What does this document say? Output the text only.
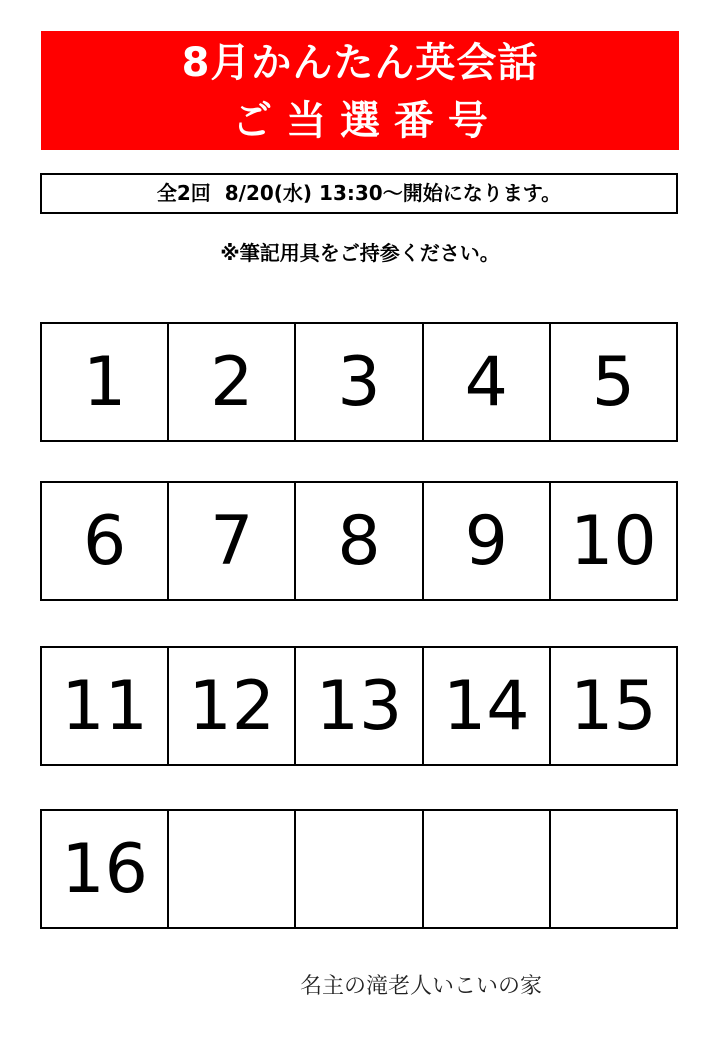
8月かんたん英会話
ご 当 選 番 号
全2回  8/20(水) 13:30～開始になります。
※筆記用具をご持参ください。
1	2	3	4	5
6	7	8	9 10
11 12 13 14 15
16
名主の滝老人いこいの家
